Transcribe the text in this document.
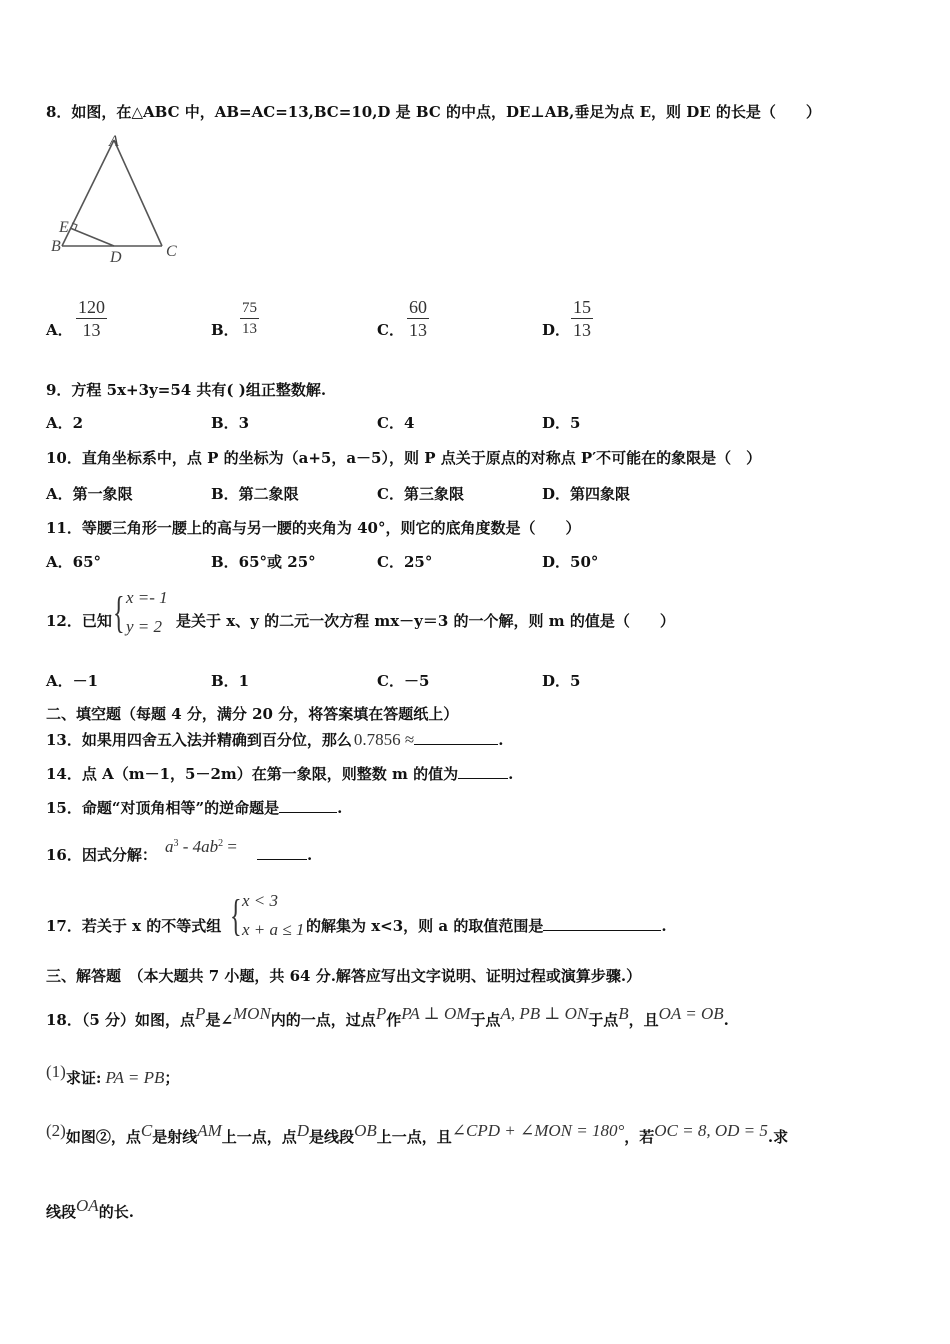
8．如图，在△ABC 中，AB=AC=13,BC=10,D 是 BC 的中点，DE⊥AB,垂足为点 E，则 DE 的长是（　　）
A
B	C
D
E
A． $\frac{120}{13}$	B． $\frac{75}{13}$	C． $\frac{60}{13}$	D． $\frac{15}{13}$
9．方程 5x+3y=54 共有( )组正整数解.
A．2	B．3	C．4	D．5
10．直角坐标系中，点 P 的坐标为（a+5，a－5），则 P 点关于原点的对称点 P′不可能在的象限是（　）
A．第一象限	B．第二象限	C．第三象限	D．第四象限
11．等腰三角形一腰上的高与另一腰的夹角为 40°，则它的底角度数是（　　）
A．65°	B．65°或 25°	C．25°	D．50°
12．已知 { x =- 1
y = 2 是关于 x、y 的二元一次方程 mx－y＝3 的一个解，则 m 的值是（　　）
A．－1	B．1	C．－5	D．5
二、填空题（每题 4 分，满分 20 分，将答案填在答题纸上）
13．如果用四舍五入法并精确到百分位，那么 0.7856 ≈	.
14．点 A（m－1，5－2m）在第一象限，则整数 m 的值为	.
15．命题“对顶角相等”的逆命题是	.
16．因式分解： $a^3 - 4ab^2$ =	.
17．若关于 x 的不等式组 { x < 3
x + a ≤ 1 的解集为 x<3，则 a 的取值范围是	.
三、解答题　（本大题共 7 小题，共 64 分.解答应写出文字说明、证明过程或演算步骤.）
18．（5 分）如图，点$^P$是∠$^{MON}$内的一点，过点$^P$作$^{PA \perp OM}$于点$^{A, PB \perp ON}$于点$^B$，且$^{OA = OB}$.
$^{(1)}$求证: PA = PB；
$^{(2)}$如图②，点$^C$是射线$^{AM}$上一点，点$^D$是线段$^{OB}$上一点，且$^{\angle CPD + \angle MON = 180^\circ}$，若$^{OC = 8, OD = 5}$.求
线段$^{OA}$的长.
